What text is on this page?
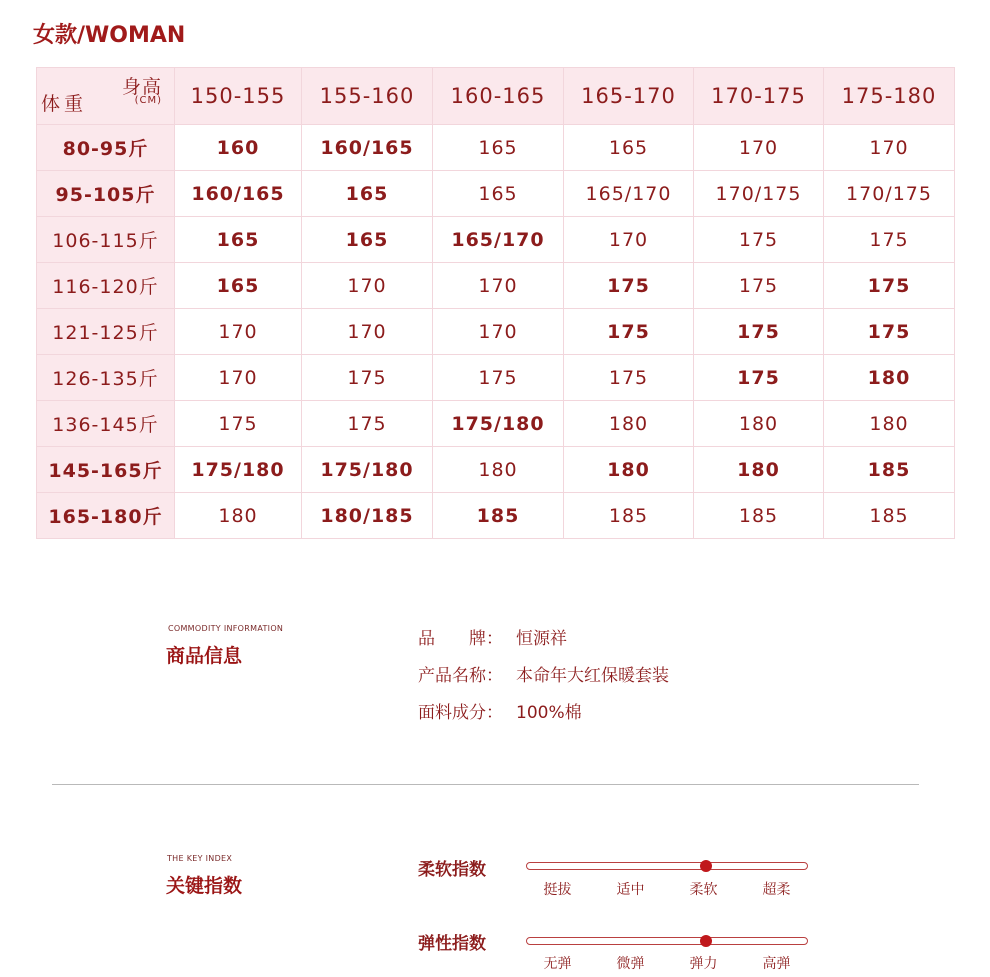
女款/WOMAN
身高
(CM)
体重	150-155	155-160	160-165	165-170	170-175	175-180
80-95斤	160	160/165	165	165	170	170
95-105斤	160/165	165	165	165/170	170/175	170/175
106-115斤	165	165	165/170	170	175	175
116-120斤	165	170	170	175	175	175
121-125斤	170	170	170	175	175	175
126-135斤	170	175	175	175	175	180
136-145斤	175	175	175/180	180	180	180
145-165斤	175/180	175/180	180	180	180	185
165-180斤	180	180/185	185	185	185	185
COMMODITY INFORMATION
商品信息
品　　牌： 恒源祥
产品名称： 本命年大红保暖套装
面料成分： 100%棉
THE KEY INDEX
关键指数
柔软指数
挺拔	适中	柔软	超柔
弹性指数
无弹	微弹	弹力	高弹
